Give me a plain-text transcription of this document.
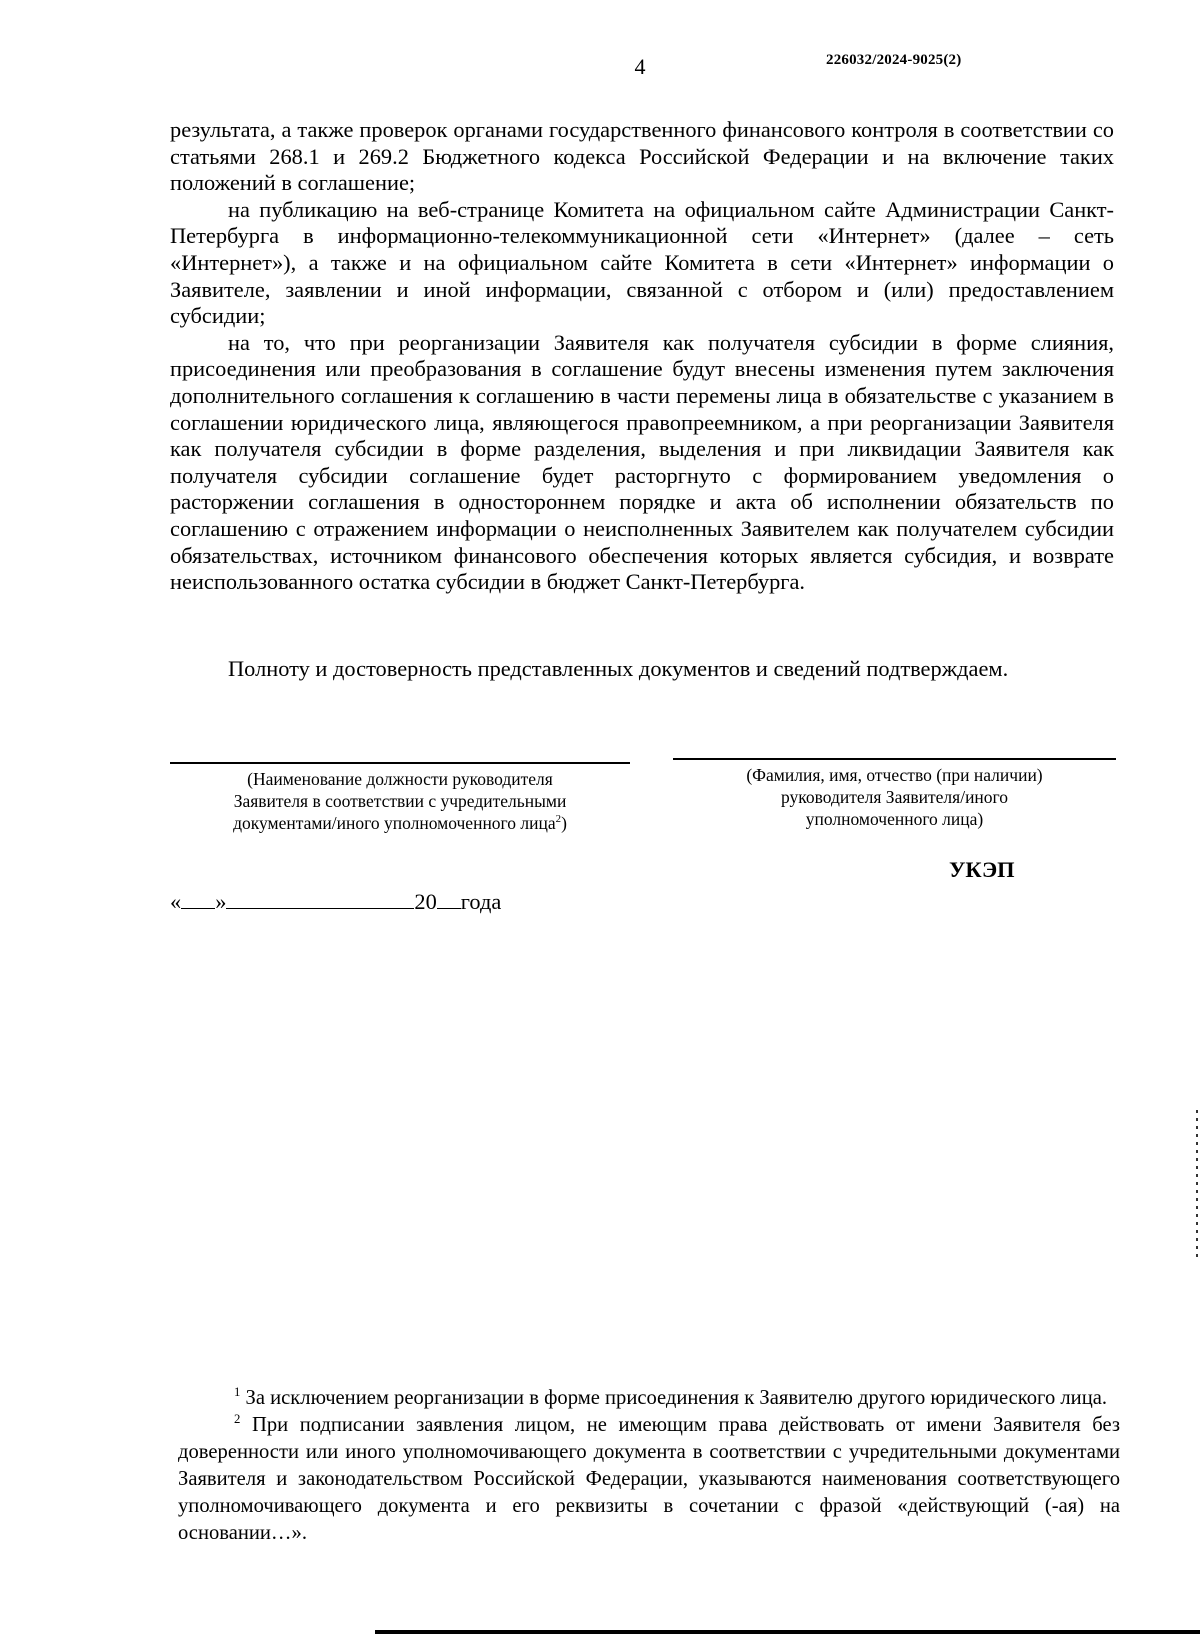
4	226032/2024-9025(2)

результата, а также проверок органами государственного финансового контроля в соответствии со статьями 268.1 и 269.2 Бюджетного кодекса Российской Федерации и на включение таких положений в соглашение;

на публикацию на веб-странице Комитета на официальном сайте Администрации Санкт-Петербурга в информационно-телекоммуникационной сети «Интернет» (далее – сеть «Интернет»), а также и на официальном сайте Комитета в сети «Интернет» информации о Заявителе, заявлении и иной информации, связанной с отбором и (или) предоставлением субсидии;

на то, что при реорганизации Заявителя как получателя субсидии в форме слияния, присоединения или преобразования в соглашение будут внесены изменения путем заключения дополнительного соглашения к соглашению в части перемены лица в обязательстве с указанием в соглашении юридического лица, являющегося правопреемником, а при реорганизации Заявителя как получателя субсидии в форме разделения, выделения и при ликвидации Заявителя как получателя субсидии соглашение будет расторгнуто с формированием уведомления о расторжении соглашения в одностороннем порядке и акта об исполнении обязательств по соглашению с отражением информации о неисполненных Заявителем как получателем субсидии обязательствах, источником финансового обеспечения которых является субсидия, и возврате неиспользованного остатка субсидии в бюджет Санкт-Петербурга.

Полноту и достоверность представленных документов и сведений подтверждаем.
(Наименование должности руководителя
Заявителя в соответствии с учредительными
документами/иного уполномоченного лица$^2$)
(Фамилия, имя, отчество (при наличии)
руководителя Заявителя/иного
уполномоченного лица)
УКЭП
« »	20 года

$^1$ За исключением реорганизации в форме присоединения к Заявителю другого юридического лица.

$^2$ При подписании заявления лицом, не имеющим права действовать от имени Заявителя без доверенности или иного уполномочивающего документа в соответствии с учредительными документами Заявителя и законодательством Российской Федерации, указываются наименования соответствующего уполномочивающего документа и его реквизиты в сочетании с фразой «действующий (-ая) на основании…».
